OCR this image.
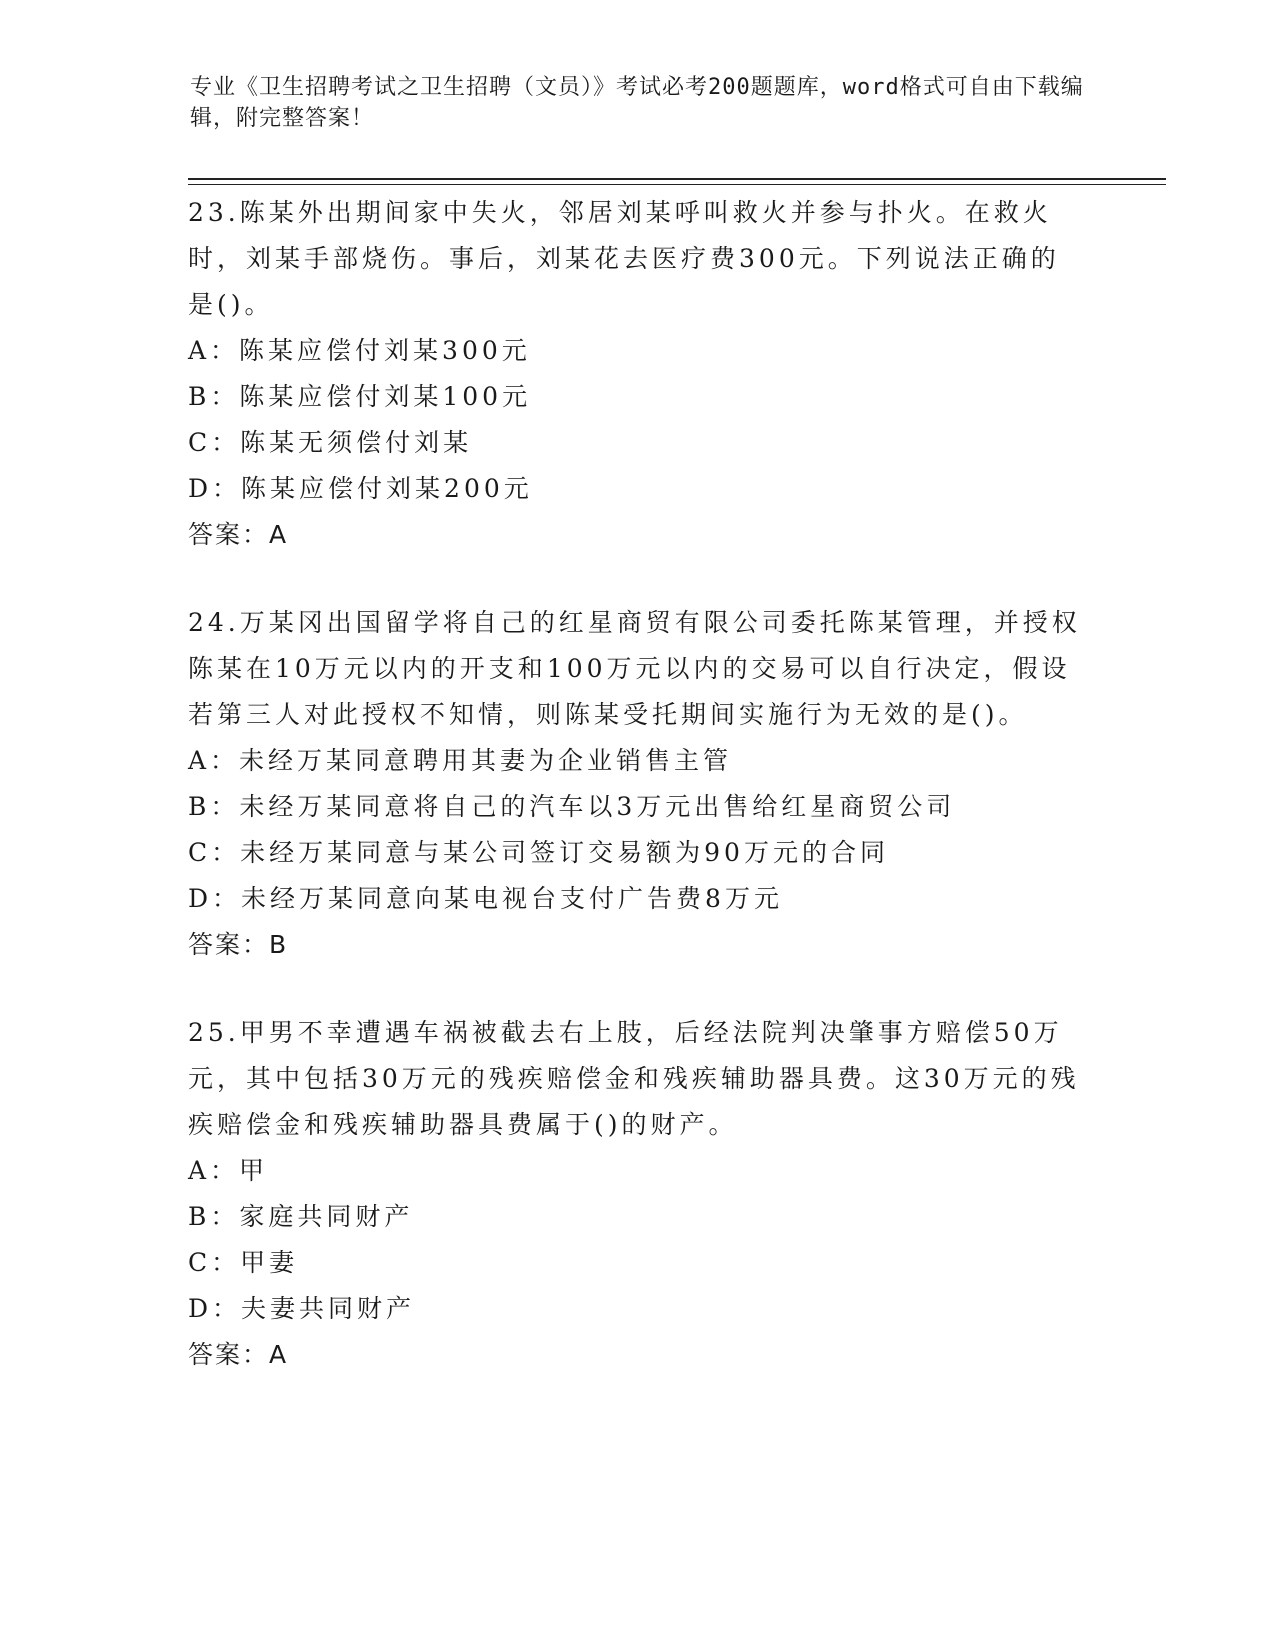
专业《卫生招聘考试之卫生招聘（文员）》考试必考200题题库，word格式可自由下载编辑，附完整答案！

23.陈某外出期间家中失火，邻居刘某呼叫救火并参与扑火。在救火时，刘某手部烧伤。事后，刘某花去医疗费300元。下列说法正确的是()。

A：陈某应偿付刘某300元

B：陈某应偿付刘某100元

C：陈某无须偿付刘某

D：陈某应偿付刘某200元

答案：A

24.万某冈出国留学将自己的红星商贸有限公司委托陈某管理，并授权陈某在10万元以内的开支和100万元以内的交易可以自行决定，假设若第三人对此授权不知情，则陈某受托期间实施行为无效的是()。

A：未经万某同意聘用其妻为企业销售主管

B：未经万某同意将自己的汽车以3万元出售给红星商贸公司

C：未经万某同意与某公司签订交易额为90万元的合同

D：未经万某同意向某电视台支付广告费8万元

答案：B

25.甲男不幸遭遇车祸被截去右上肢，后经法院判决肇事方赔偿50万元，其中包括30万元的残疾赔偿金和残疾辅助器具费。这30万元的残疾赔偿金和残疾辅助器具费属于()的财产。

A：甲

B：家庭共同财产

C：甲妻

D：夫妻共同财产

答案：A
